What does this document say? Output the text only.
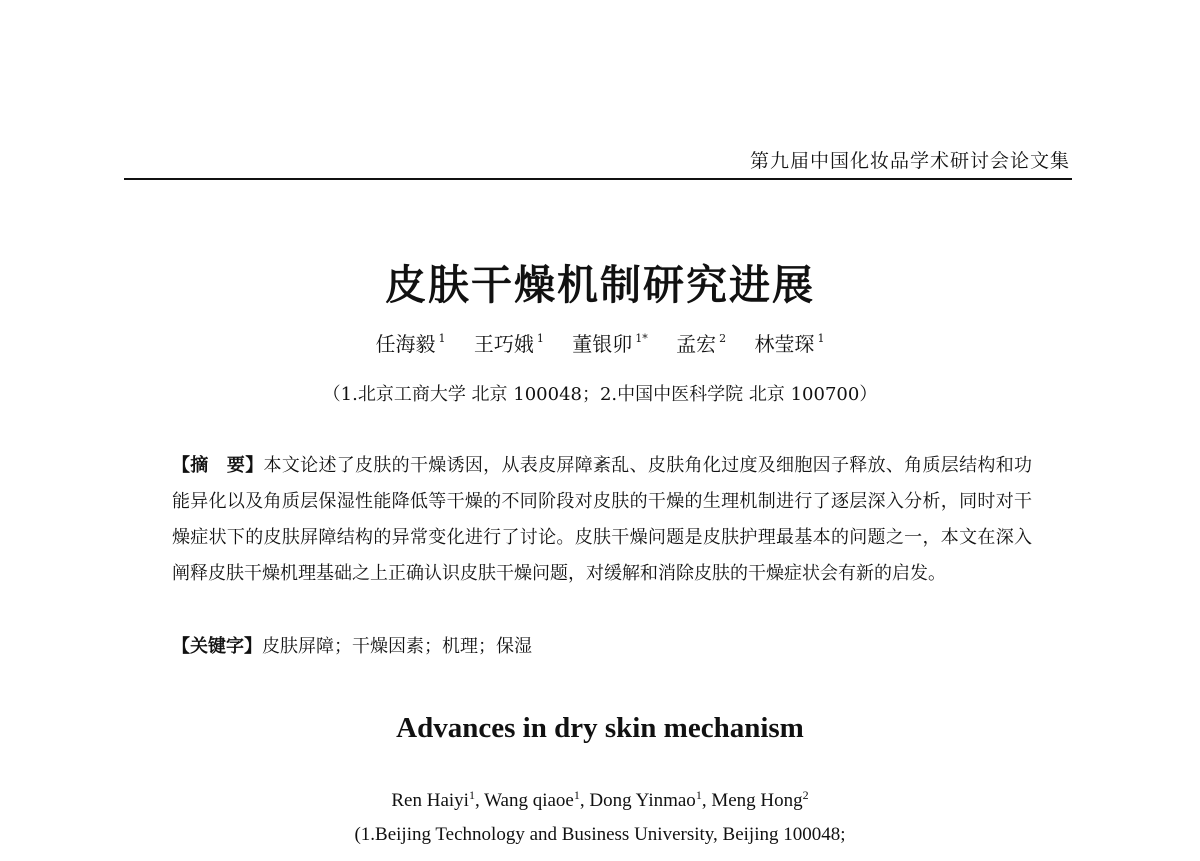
第九届中国化妆品学术研讨会论文集
皮肤干燥机制研究进展
任海毅 $^1$ 王巧娥 $^1$ 董银卯 $^{1*}$ 孟宏 $^2$ 林莹琛 $^1$
（1.北京工商大学 北京 100048；2.中国中医科学院 北京 100700）
【摘　要】本文论述了皮肤的干燥诱因，从表皮屏障紊乱、皮肤角化过度及细胞因子释放、角质层结构和功能异化以及角质层保湿性能降低等干燥的不同阶段对皮肤的干燥的生理机制进行了逐层深入分析，同时对干燥症状下的皮肤屏障结构的异常变化进行了讨论。皮肤干燥问题是皮肤护理最基本的问题之一，本文在深入阐释皮肤干燥机理基础之上正确认识皮肤干燥问题，对缓解和消除皮肤的干燥症状会有新的启发。
【关键字】皮肤屏障；干燥因素；机理；保湿
Advances in dry skin mechanism
Ren Haiyi$^1$, Wang qiaoe$^1$, Dong Yinmao$^1$, Meng Hong$^2$
(1.Beijing Technology and Business University, Beijing 100048;
